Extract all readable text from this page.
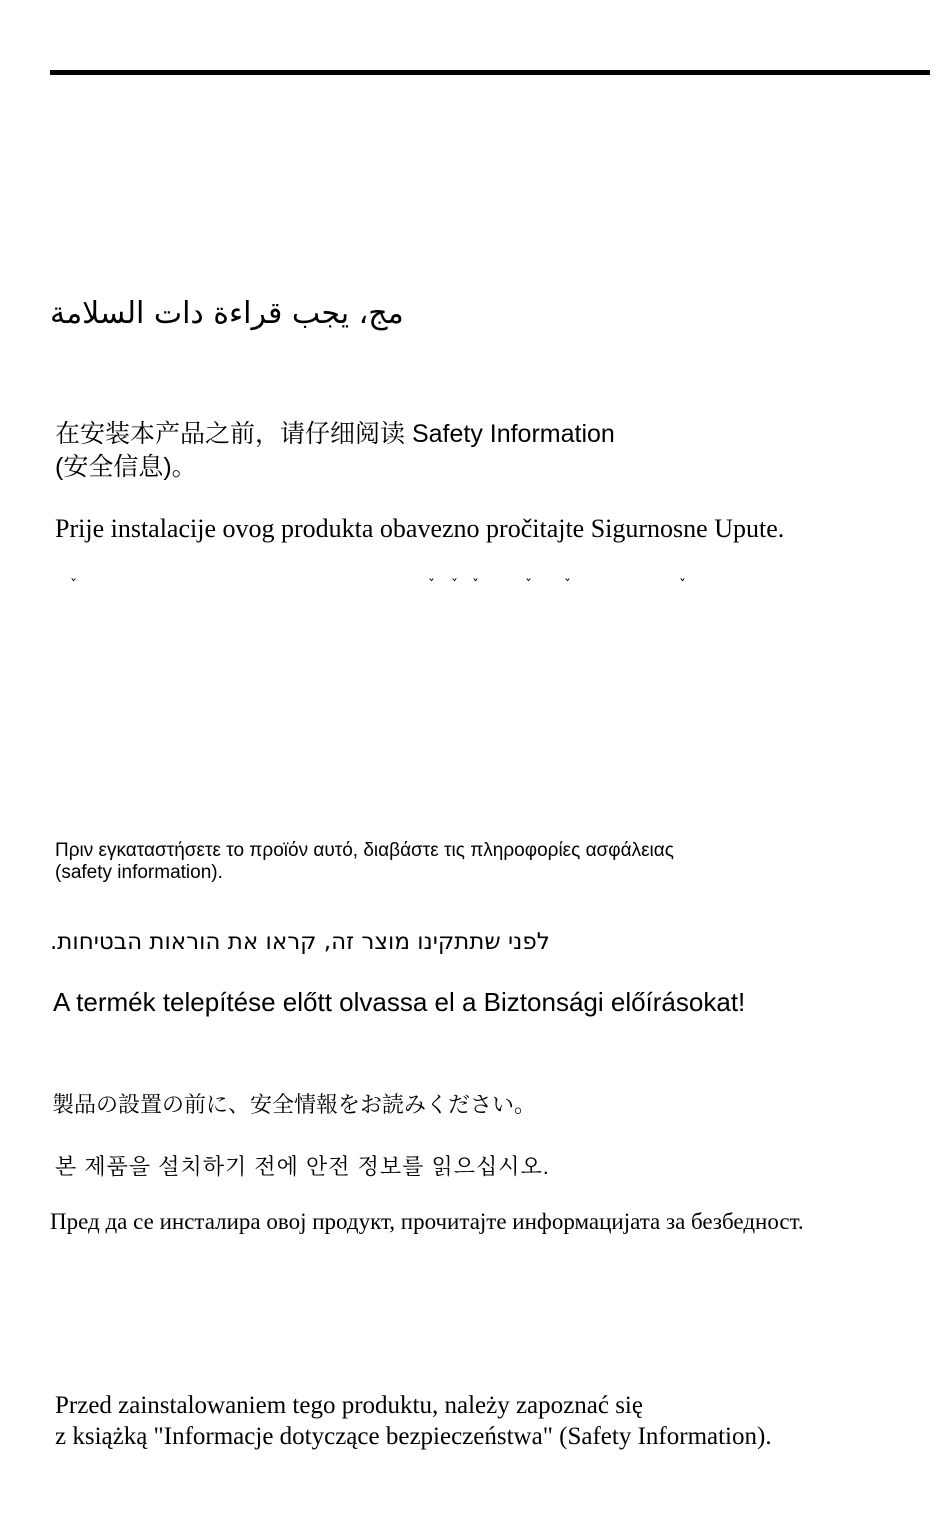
مج، يجب قراءة دات السلامة

在安装本产品之前，请仔细阅读 Safety Information

(安全信息)。

Prije instalacije ovog produkta obavezno pročitajte Sigurnosne Upute.

ˇ	ˇ ˇ ˇ	ˇ ˇ	ˇ

Πριν εγκαταστήσετε το προϊόν αυτό, διαβάστε τις πληροφορίες ασφάλειας

(safety information).

לפני שתתקינו מוצר זה, קראו את הוראות הבטיחות.

A termék telepítése előtt olvassa el a Biztonsági előírásokat!

製品の設置の前に、安全情報をお読みください。

본 제품을 설치하기 전에 안전 정보를 읽으십시오.

Пред да се инсталира овој продукт, прочитајте информацијата за безбедност.

Przed zainstalowaniem tego produktu, należy zapoznać się

z książką "Informacje dotyczące bezpieczeństwa" (Safety Information).
